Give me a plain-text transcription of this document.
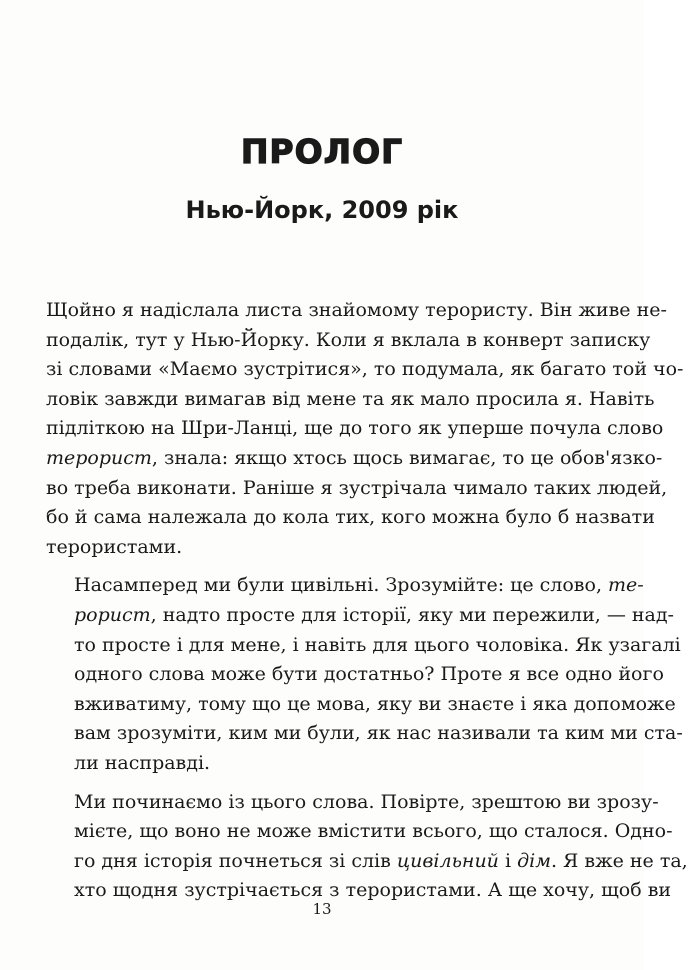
ПРОЛОГ
Нью-Йорк, 2009 рік

Щойно я надіслала листа знайомому терористу. Він живе не-
подалік, тут у Нью-Йорку. Коли я вклала в конверт записку
зі словами «Маємо зустрітися», то подумала, як багато той чо-
ловік завжди вимагав від мене та як мало просила я. Навіть
підліткою на Шри-Ланці, ще до того як уперше почула слово
терорист, знала: якщо хтось щось вимагає, то це обов'язко-
во треба виконати. Раніше я зустрічала чимало таких людей,
бо й сама належала до кола тих, кого можна було б назвати
терористами.

Насамперед ми були цивільні. Зрозумійте: це слово, те-
рорист, надто просте для історії, яку ми пережили, — над-
то просте і для мене, і навіть для цього чоловіка. Як узагалі
одного слова може бути достатньо? Проте я все одно його
вживатиму, тому що це мова, яку ви знаєте і яка допоможе
вам зрозуміти, ким ми були, як нас називали та ким ми ста-
ли насправді.

Ми починаємо із цього слова. Повірте, зрештою ви зрозу-
мієте, що воно не може вмістити всього, що сталося. Одно-
го дня історія почнеться зі слів цивільний і дім. Я вже не та,
хто щодня зустрічається з терористами. А ще хочу, щоб ви

13
